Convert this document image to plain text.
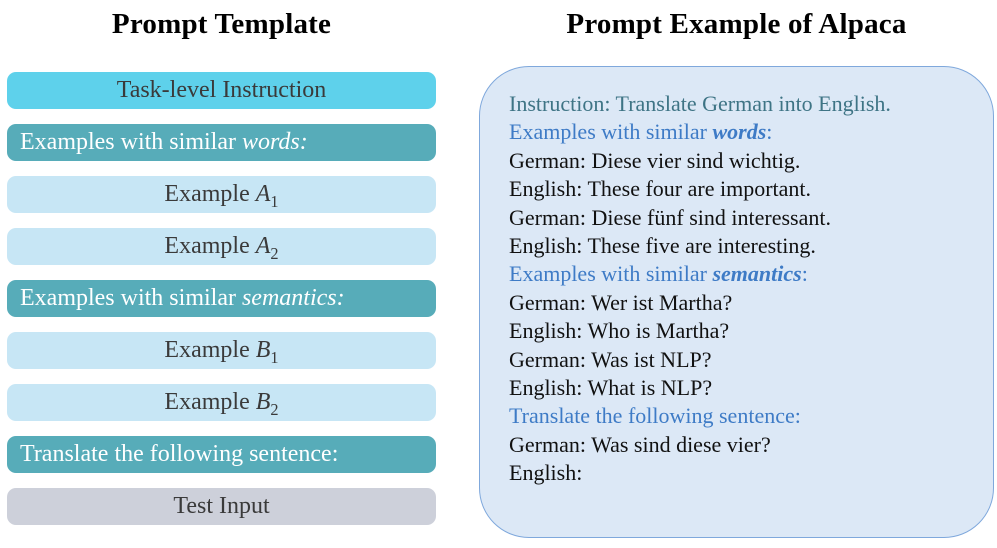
Prompt Template	Prompt Example of Alpaca
Task-level Instruction
Examples with similar words:
Example $A_1$
Example $A_2$
Examples with similar semantics:
Example $B_1$
Example $B_2$
Translate the following sentence:
Test Input
Instruction: Translate German into English.
Examples with similar words:
German: Diese vier sind wichtig.
English: These four are important.
German: Diese fünf sind interessant.
English: These five are interesting.
Examples with similar semantics:
German: Wer ist Martha?
English: Who is Martha?
German: Was ist NLP?
English: What is NLP?
Translate the following sentence:
German: Was sind diese vier?
English:
